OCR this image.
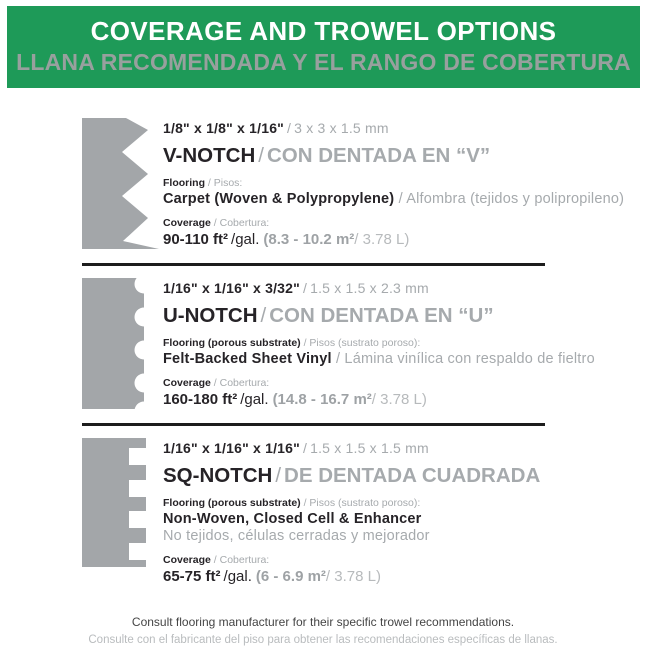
COVERAGE AND TROWEL OPTIONS
LLANA RECOMENDADA Y EL RANGO DE COBERTURA
1/8" x 1/8" x 1/16" / 3 x 3 x 1.5 mm
V-NOTCH / CON DENTADA EN “V”
Flooring / Pisos:
Carpet (Woven & Polypropylene) / Alfombra (tejidos y polipropileno)
Coverage / Cobertura:
90-110 ft² /gal. (8.3 - 10.2 m²/ 3.78 L)
1/16" x 1/16" x 3/32" / 1.5 x 1.5 x 2.3 mm
U-NOTCH / CON DENTADA EN “U”
Flooring (porous substrate) / Pisos (sustrato poroso):
Felt-Backed Sheet Vinyl / Lámina vinílica con respaldo de fieltro
Coverage / Cobertura:
160-180 ft² /gal. (14.8 - 16.7 m²/ 3.78 L)
1/16" x 1/16" x 1/16" / 1.5 x 1.5 x 1.5 mm
SQ-NOTCH / DE DENTADA CUADRADA
Flooring (porous substrate) / Pisos (sustrato poroso):
Non-Woven, Closed Cell & Enhancer
No tejidos, células cerradas y mejorador
Coverage / Cobertura:
65-75 ft² /gal. (6 - 6.9 m²/ 3.78 L)
Consult flooring manufacturer for their specific trowel recommendations.
Consulte con el fabricante del piso para obtener las recomendaciones específicas de llanas.
